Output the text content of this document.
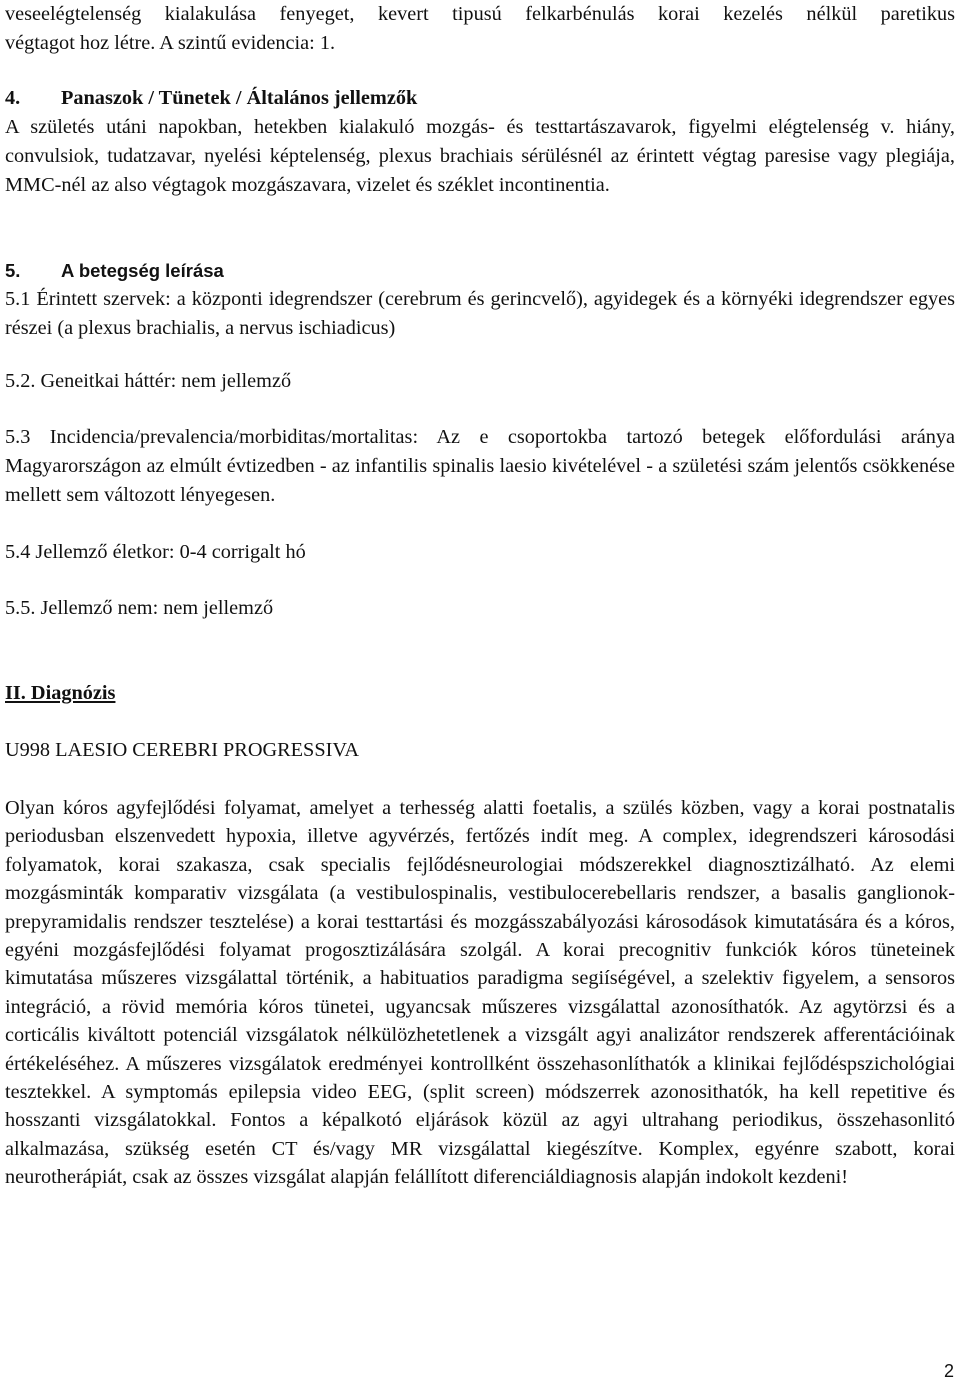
veseelégtelenség kialakulása fenyeget, kevert tipusú felkarbénulás korai kezelés nélkül paretikus

végtagot hoz létre. A szintű evidencia: 1.

4. Panaszok / Tünetek / Általános jellemzők

A születés utáni napokban, hetekben kialakuló mozgás- és testtartászavarok, figyelmi elégtelenség v. hiány, convulsiok, tudatzavar, nyelési képtelenség, plexus brachiais sérülésnél az érintett végtag paresise vagy plegiája, MMC-nél az also végtagok mozgászavara, vizelet és széklet incontinentia.

5. A betegség leírása

5.1 Érintett szervek: a központi idegrendszer (cerebrum és gerincvelő), agyidegek és a környéki idegrendszer egyes részei (a plexus brachialis, a nervus ischiadicus)

5.2. Geneitkai háttér: nem jellemző

5.3 Incidencia/prevalencia/morbiditas/mortalitas: Az e csoportokba tartozó betegek előfordulási aránya Magyarországon az elmúlt évtizedben - az infantilis spinalis laesio kivételével - a születési szám jelentős csökkenése mellett sem változott lényegesen.

5.4 Jellemző életkor: 0-4 corrigalt hó

5.5. Jellemző nem: nem jellemző

II. Diagnózis

U998 LAESIO CEREBRI PROGRESSIVA

Olyan kóros agyfejlődési folyamat, amelyet a terhesség alatti foetalis, a szülés közben, vagy a korai postnatalis periodusban elszenvedett hypoxia, illetve agyvérzés, fertőzés indít meg. A complex, idegrendszeri károsodási folyamatok, korai szakasza, csak specialis fejlődésneurologiai módszerekkel diagnosztizálható. Az elemi mozgásminták komparativ vizsgálata (a vestibulospinalis, vestibulocerebellaris rendszer, a basalis ganglionok-prepyramidalis rendszer tesztelése) a korai testtartási és mozgásszabályozási károsodások kimutatására és a kóros, egyéni mozgásfejlődési folyamat progosztizálására szolgál. A korai precognitiv funkciók kóros tüneteinek kimutatása műszeres vizsgálattal történik, a habituatios paradigma segiíségével, a szelektiv figyelem, a sensoros integráció, a rövid memória kóros tünetei, ugyancsak műszeres vizsgálattal azonosíthatók. Az agytörzsi és a corticális kiváltott potenciál vizsgálatok nélkülözhetetlenek a vizsgált agyi analizátor rendszerek afferentációinak értékeléséhez. A műszeres vizsgálatok eredményei kontrollként összehasonlíthatók a klinikai fejlődéspszichológiai tesztekkel. A symptomás epilepsia video EEG, (split screen) módszerrek azonosithatók, ha kell repetitive és hosszanti vizsgálatokkal. Fontos a képalkotó eljárások közül az agyi ultrahang periodikus, összehasonlitó alkalmazása, szükség esetén CT és/vagy MR vizsgálattal kiegészítve. Komplex, egyénre szabott, korai neurotherápiát, csak az összes vizsgálat alapján felállított diferenciáldiagnosis alapján indokolt kezdeni!

2
